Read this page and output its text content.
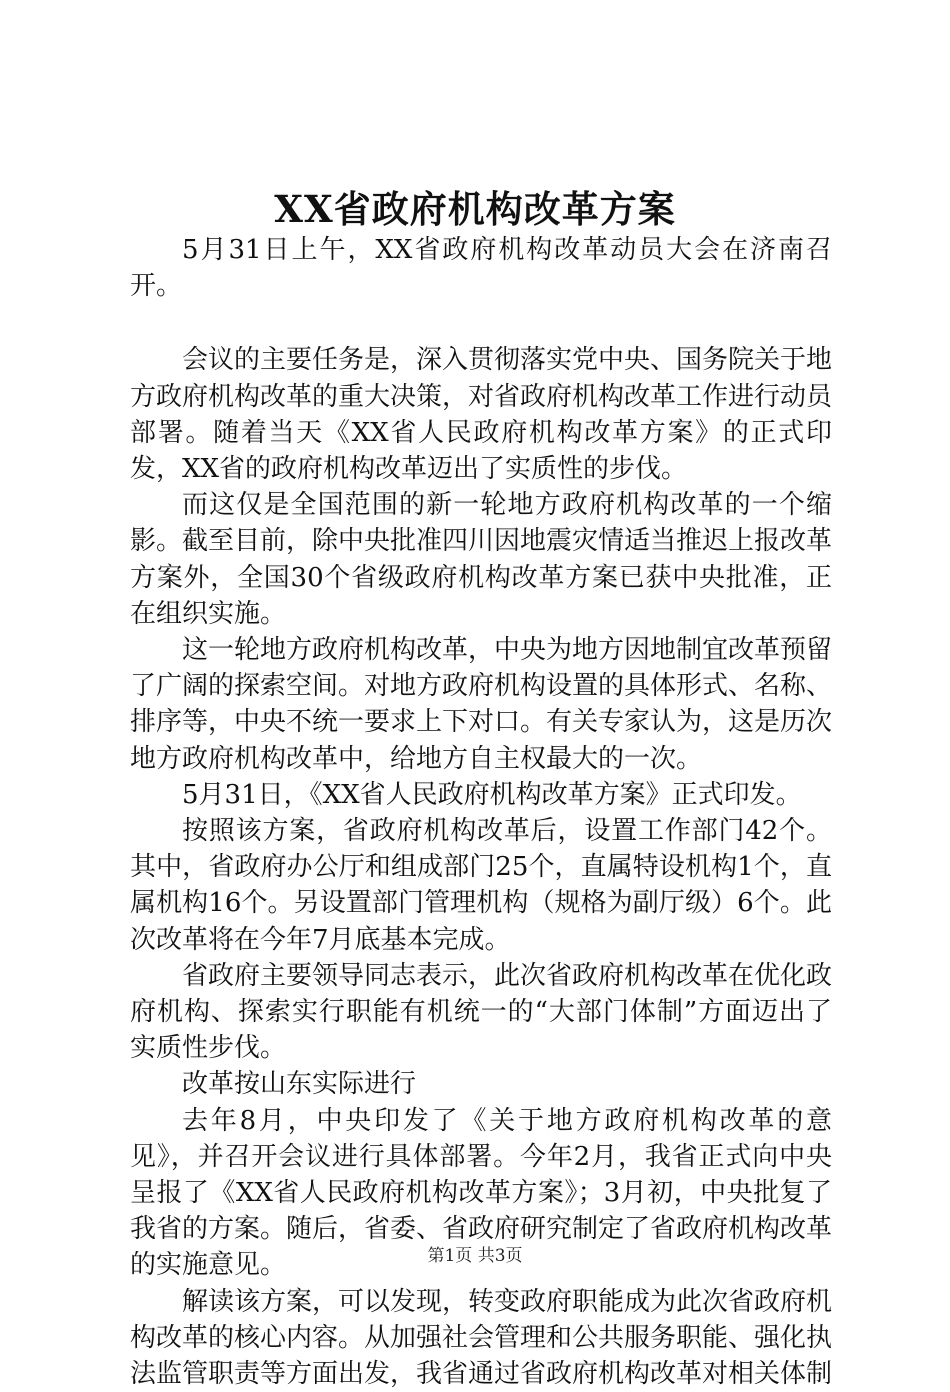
XX省政府机构改革方案

5月31日上午，XX省政府机构改革动员大会在济南召开。

会议的主要任务是，深入贯彻落实党中央、国务院关于地方政府机构改革的重大决策，对省政府机构改革工作进行动员部署。随着当天《XX省人民政府机构改革方案》的正式印发，XX省的政府机构改革迈出了实质性的步伐。

而这仅是全国范围的新一轮地方政府机构改革的一个缩影。截至目前，除中央批准四川因地震灾情适当推迟上报改革方案外，全国30个省级政府机构改革方案已获中央批准，正在组织实施。

这一轮地方政府机构改革，中央为地方因地制宜改革预留了广阔的探索空间。对地方政府机构设置的具体形式、名称、排序等，中央不统一要求上下对口。有关专家认为，这是历次地方政府机构改革中，给地方自主权最大的一次。

5月31日，《XX省人民政府机构改革方案》正式印发。

按照该方案，省政府机构改革后，设置工作部门42个。其中，省政府办公厅和组成部门25个，直属特设机构1个，直属机构16个。另设置部门管理机构（规格为副厅级）6个。此次改革将在今年7月底基本完成。

省政府主要领导同志表示，此次省政府机构改革在优化政府机构、探索实行职能有机统一的“大部门体制”方面迈出了实质性步伐。

改革按山东实际进行

去年8月，中央印发了《关于地方政府机构改革的意见》，并召开会议进行具体部署。今年2月，我省正式向中央呈报了《XX省人民政府机构改革方案》；3月初，中央批复了我省的方案。随后，省委、省政府研究制定了省政府机构改革的实施意见。

解读该方案，可以发现，转变政府职能成为此次省政府机构改革的核心内容。从加强社会管理和公共服务职能、强化执法监管职责等方面出发，我省通过省政府机构改革对相关体制

第1页 共3页
